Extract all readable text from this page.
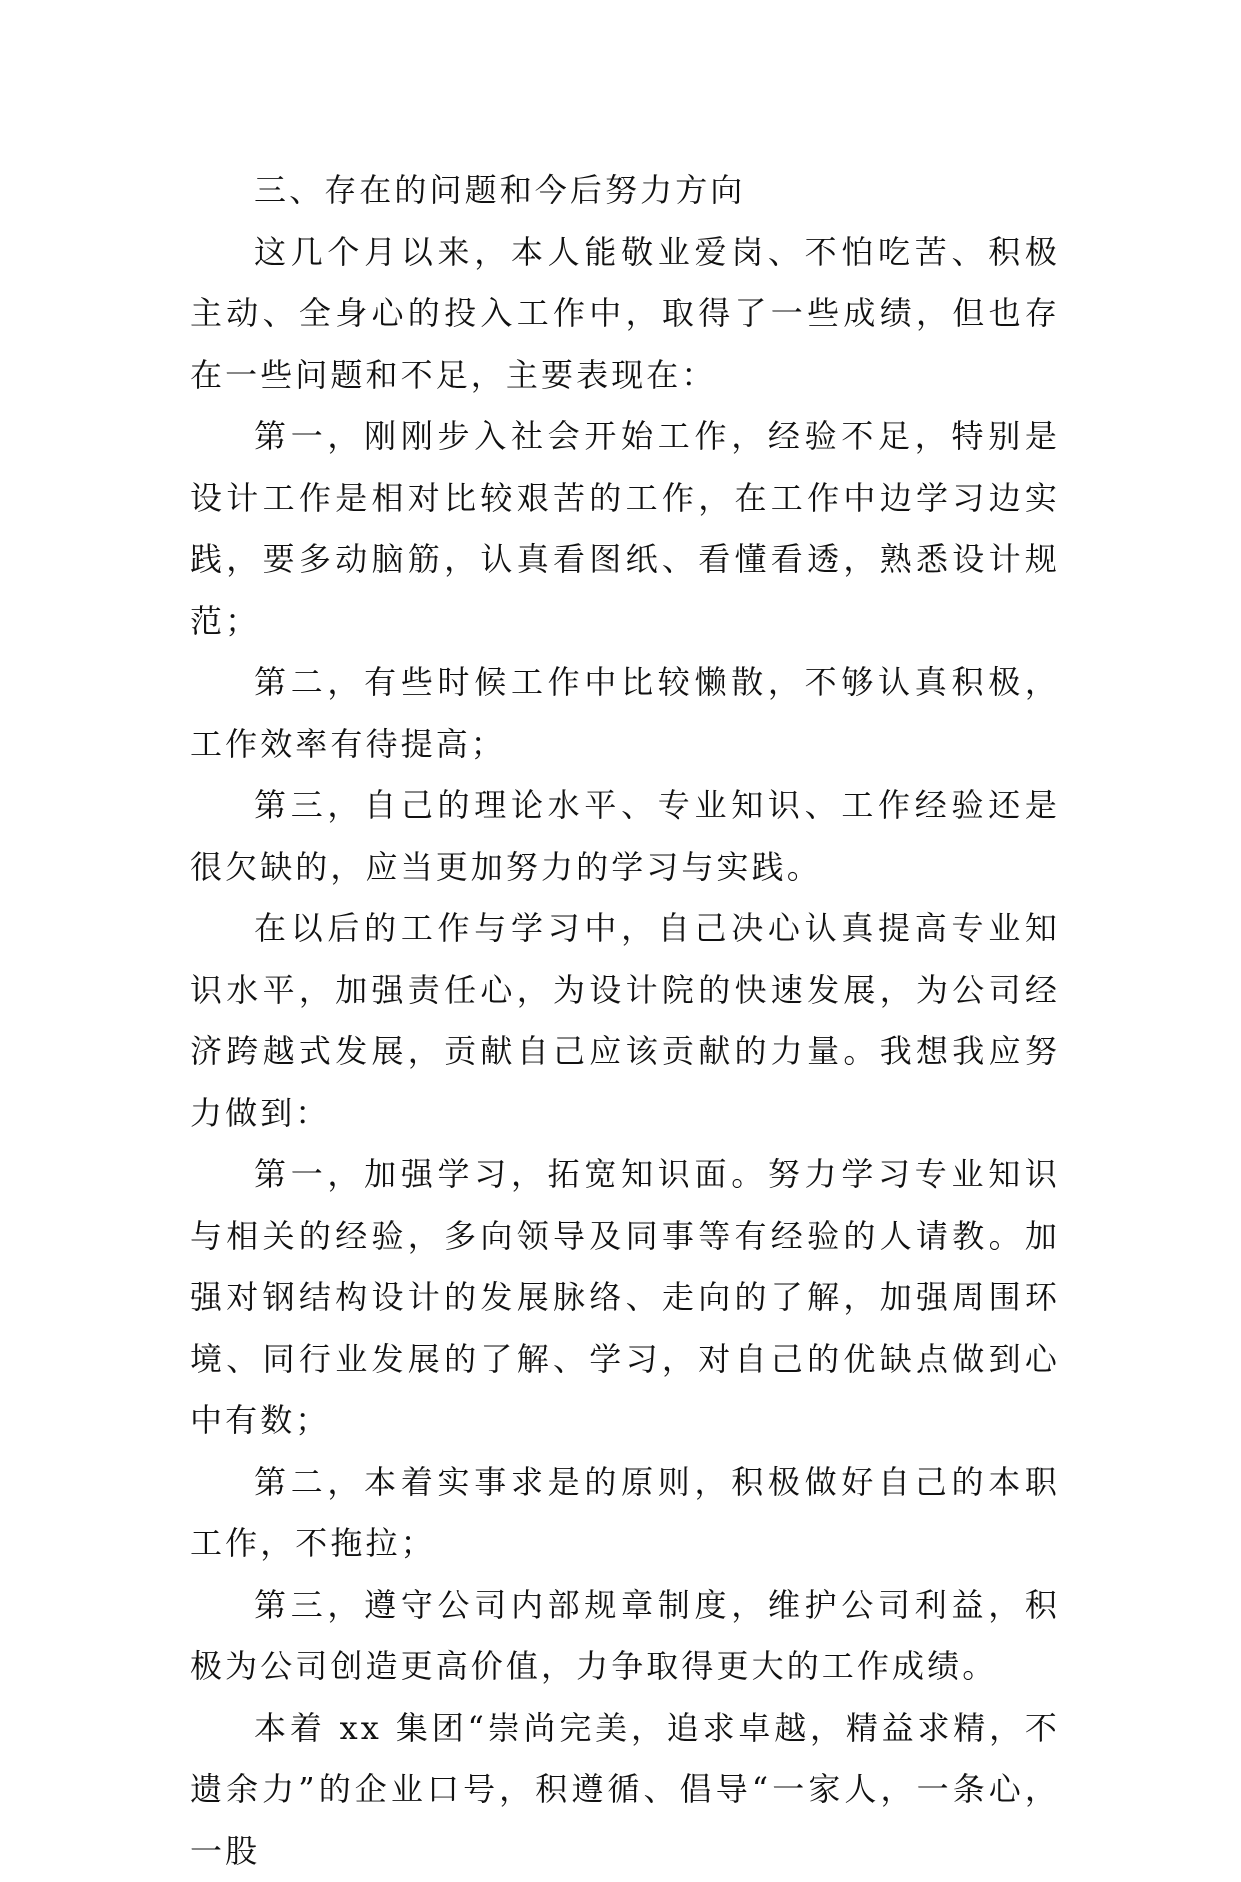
三、存在的问题和今后努力方向

这几个月以来，本人能敬业爱岗、不怕吃苦、积极主动、全身心的投入工作中，取得了一些成绩，但也存在一些问题和不足，主要表现在：

第一，刚刚步入社会开始工作，经验不足，特别是设计工作是相对比较艰苦的工作，在工作中边学习边实践，要多动脑筋，认真看图纸、看懂看透，熟悉设计规范；

第二，有些时候工作中比较懒散，不够认真积极，工作效率有待提高；

第三，自己的理论水平、专业知识、工作经验还是很欠缺的，应当更加努力的学习与实践。

在以后的工作与学习中，自己决心认真提高专业知识水平，加强责任心，为设计院的快速发展，为公司经济跨越式发展，贡献自己应该贡献的力量。我想我应努力做到：

第一，加强学习，拓宽知识面。努力学习专业知识与相关的经验，多向领导及同事等有经验的人请教。加强对钢结构设计的发展脉络、走向的了解，加强周围环境、同行业发展的了解、学习，对自己的优缺点做到心中有数；

第二，本着实事求是的原则，积极做好自己的本职工作，不拖拉；

第三，遵守公司内部规章制度，维护公司利益，积极为公司创造更高价值，力争取得更大的工作成绩。

本着 xx 集团“崇尚完美，追求卓越，精益求精，不遗余力”的企业口号，积遵循、倡导“一家人，一条心，一股
